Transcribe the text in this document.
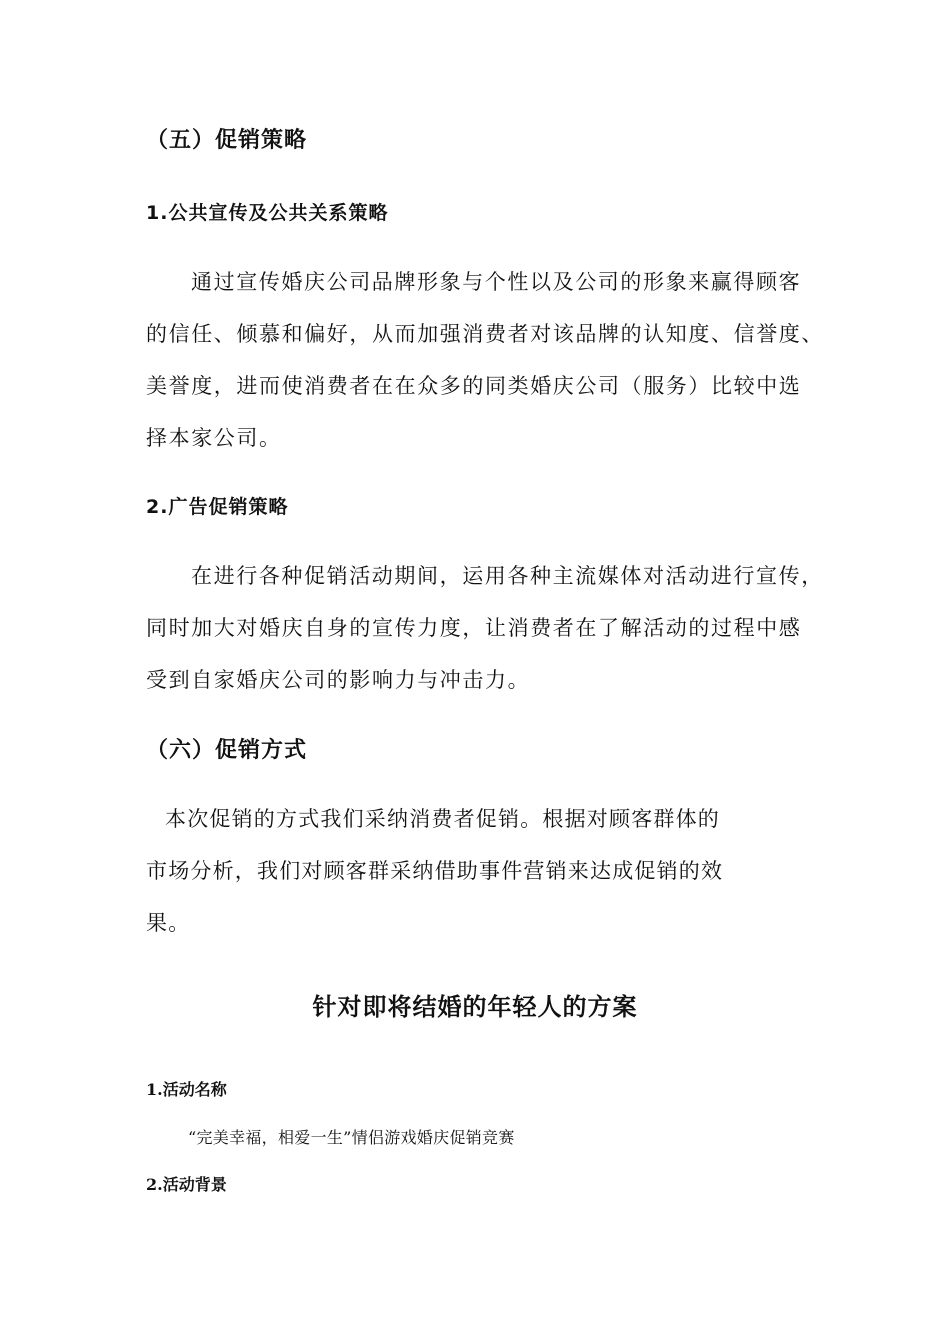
（五）促销策略
1.公共宣传及公共关系策略

通过宣传婚庆公司品牌形象与个性以及公司的形象来赢得顾客

的信任、倾慕和偏好，从而加强消费者对该品牌的认知度、信誉度、

美誉度，进而使消费者在在众多的同类婚庆公司（服务）比较中选

择本家公司。

2.广告促销策略

在进行各种促销活动期间，运用各种主流媒体对活动进行宣传，

同时加大对婚庆自身的宣传力度，让消费者在了解活动的过程中感

受到自家婚庆公司的影响力与冲击力。

（六）促销方式

本次促销的方式我们采纳消费者促销。根据对顾客群体的

市场分析，我们对顾客群采纳借助事件营销来达成促销的效

果。

针对即将结婚的年轻人的方案
1.活动名称

“完美幸福，相爱一生”情侣游戏婚庆促销竞赛

2.活动背景
